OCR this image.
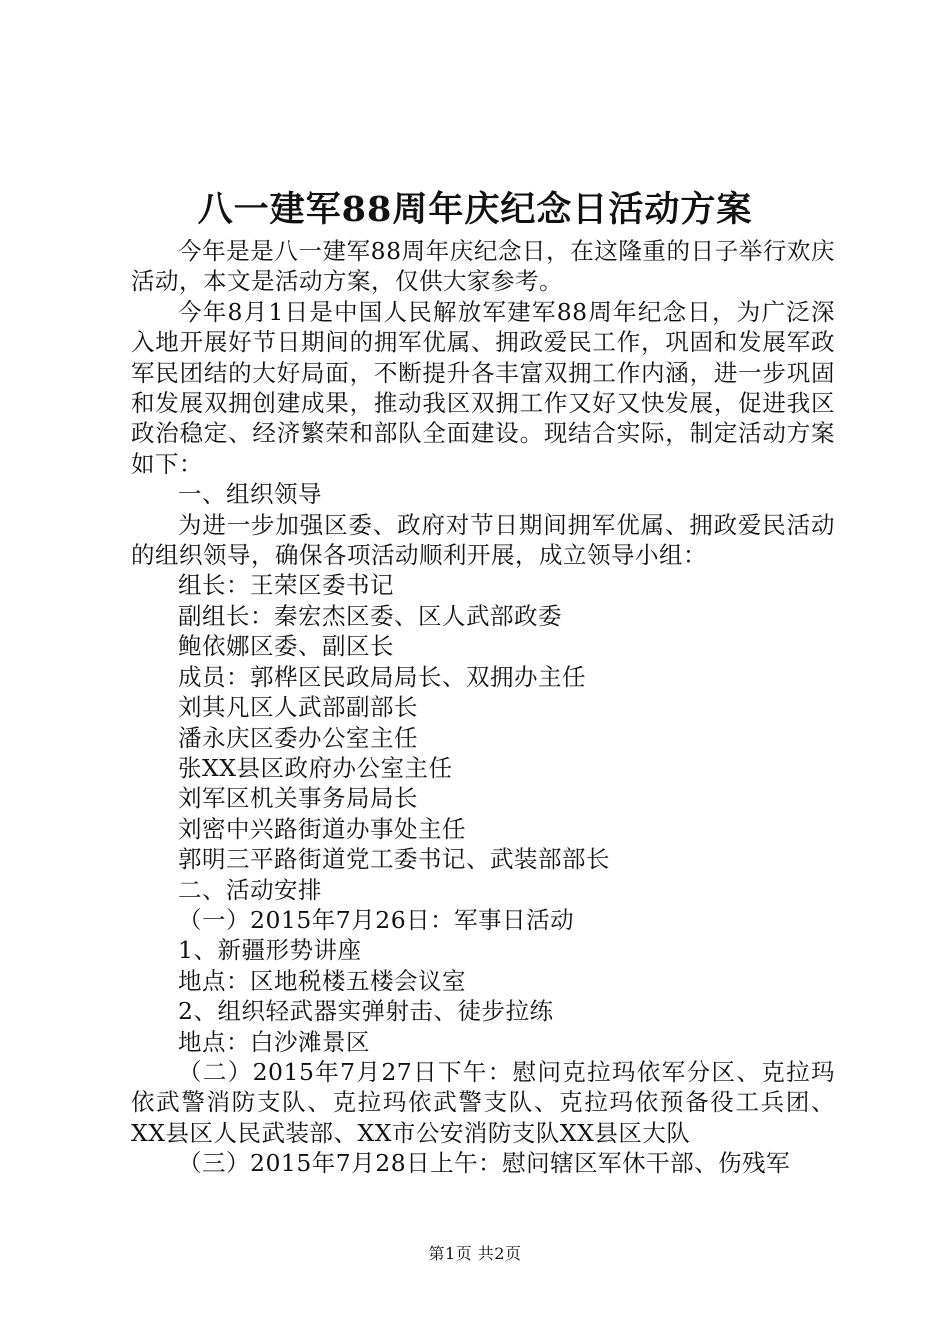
八一建军88周年庆纪念日活动方案

今年是是八一建军88周年庆纪念日，在这隆重的日子举行欢庆活动，本文是活动方案，仅供大家参考。

今年8月1日是中国人民解放军建军88周年纪念日，为广泛深入地开展好节日期间的拥军优属、拥政爱民工作，巩固和发展军政军民团结的大好局面，不断提升各丰富双拥工作内涵，进一步巩固和发展双拥创建成果，推动我区双拥工作又好又快发展，促进我区政治稳定、经济繁荣和部队全面建设。现结合实际，制定活动方案如下：

一、组织领导

为进一步加强区委、政府对节日期间拥军优属、拥政爱民活动的组织领导，确保各项活动顺利开展，成立领导小组：

组长：王荣区委书记

副组长：秦宏杰区委、区人武部政委

鲍依娜区委、副区长

成员：郭桦区民政局局长、双拥办主任

刘其凡区人武部副部长

潘永庆区委办公室主任

张XX县区政府办公室主任

刘军区机关事务局局长

刘密中兴路街道办事处主任

郭明三平路街道党工委书记、武装部部长

二、活动安排

（一）2015年7月26日：军事日活动

1、新疆形势讲座

地点：区地税楼五楼会议室

2、组织轻武器实弹射击、徒步拉练

地点：白沙滩景区

（二）2015年7月27日下午：慰问克拉玛依军分区、克拉玛依武警消防支队、克拉玛依武警支队、克拉玛依预备役工兵团、XX县区人民武装部、XX市公安消防支队XX县区大队

（三）2015年7月28日上午：慰问辖区军休干部、伤残军

第1页 共2页
